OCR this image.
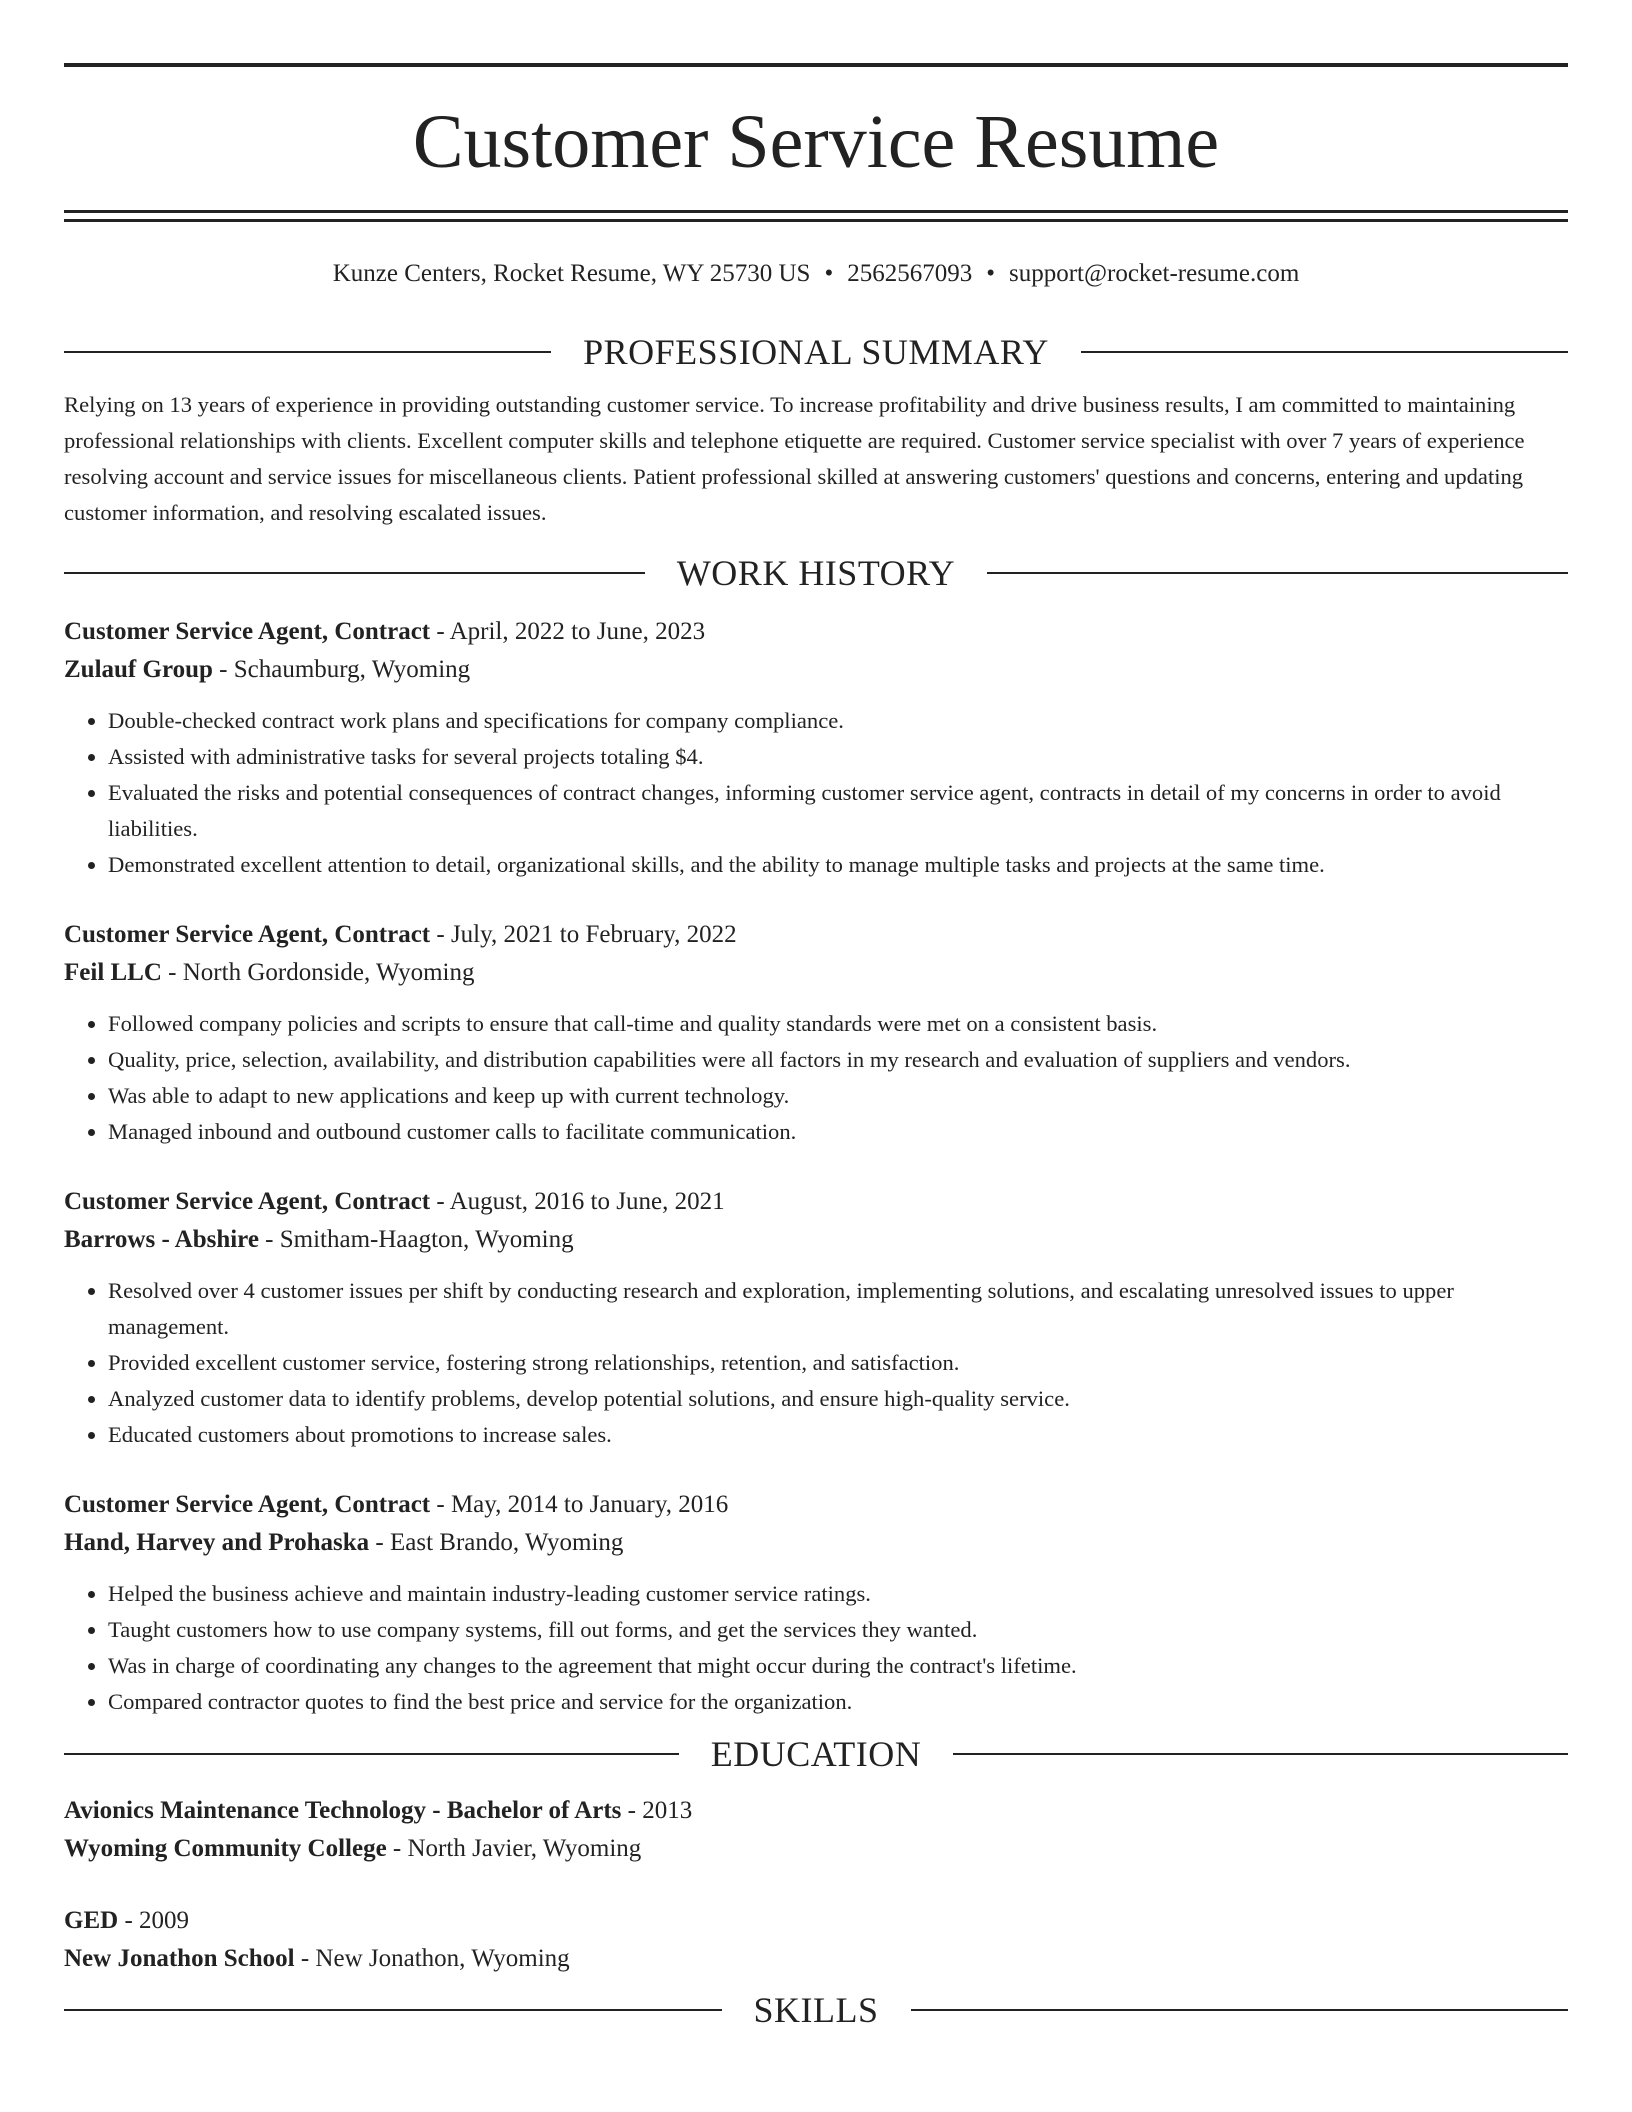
Customer Service Resume
Kunze Centers, Rocket Resume, WY 25730 US • 2562567093 • support@rocket-resume.com
PROFESSIONAL SUMMARY
Relying on 13 years of experience in providing outstanding customer service. To increase profitability and drive business results, I am committed to maintaining professional relationships with clients. Excellent computer skills and telephone etiquette are required. Customer service specialist with over 7 years of experience resolving account and service issues for miscellaneous clients. Patient professional skilled at answering customers' questions and concerns, entering and updating customer information, and resolving escalated issues.
WORK HISTORY
Customer Service Agent, Contract - April, 2022 to June, 2023
Zulauf Group - Schaumburg, Wyoming
• Double-checked contract work plans and specifications for company compliance.
• Assisted with administrative tasks for several projects totaling $4.
• Evaluated the risks and potential consequences of contract changes, informing customer service agent, contracts in detail of my concerns in order to avoid liabilities.
• Demonstrated excellent attention to detail, organizational skills, and the ability to manage multiple tasks and projects at the same time.
Customer Service Agent, Contract - July, 2021 to February, 2022
Feil LLC - North Gordonside, Wyoming
• Followed company policies and scripts to ensure that call-time and quality standards were met on a consistent basis.
• Quality, price, selection, availability, and distribution capabilities were all factors in my research and evaluation of suppliers and vendors.
• Was able to adapt to new applications and keep up with current technology.
• Managed inbound and outbound customer calls to facilitate communication.
Customer Service Agent, Contract - August, 2016 to June, 2021
Barrows - Abshire - Smitham-Haagton, Wyoming
• Resolved over 4 customer issues per shift by conducting research and exploration, implementing solutions, and escalating unresolved issues to upper management.
• Provided excellent customer service, fostering strong relationships, retention, and satisfaction.
• Analyzed customer data to identify problems, develop potential solutions, and ensure high-quality service.
• Educated customers about promotions to increase sales.
Customer Service Agent, Contract - May, 2014 to January, 2016
Hand, Harvey and Prohaska - East Brando, Wyoming
• Helped the business achieve and maintain industry-leading customer service ratings.
• Taught customers how to use company systems, fill out forms, and get the services they wanted.
• Was in charge of coordinating any changes to the agreement that might occur during the contract's lifetime.
• Compared contractor quotes to find the best price and service for the organization.
EDUCATION
Avionics Maintenance Technology - Bachelor of Arts - 2013
Wyoming Community College - North Javier, Wyoming
GED - 2009
New Jonathon School - New Jonathon, Wyoming
SKILLS
